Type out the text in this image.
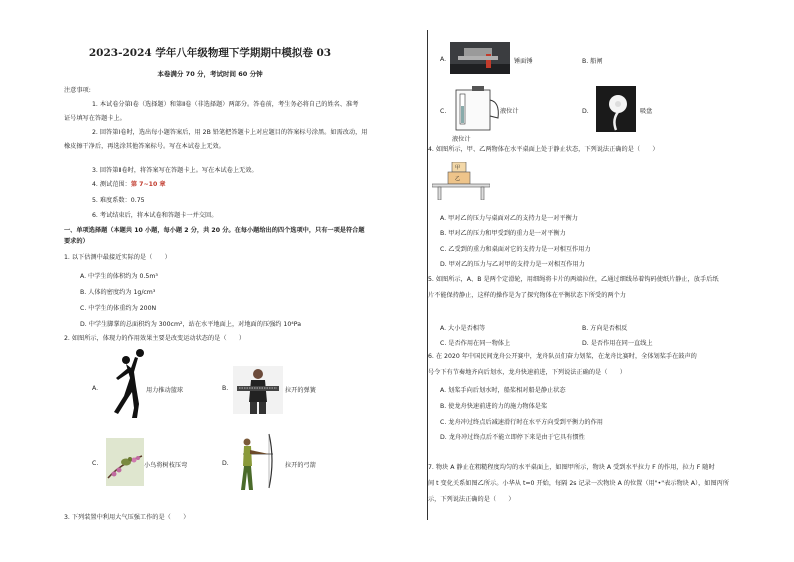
2023-2024 学年八年级物理下学期期中模拟卷 03
本卷满分 70 分，考试时间 60 分钟
注意事项:
1. 本试卷分第Ⅰ卷（选择题）和第Ⅱ卷（非选择题）两部分。答卷前，考生务必将自己的姓名、准考
证号填写在答题卡上。
2. 回答第Ⅰ卷时，选出每小题答案后，用 2B 铅笔把答题卡上对应题目的答案标号涂黑。如需改动，用
橡皮擦干净后，再选涂其他答案标号。写在本试卷上无效。
3. 回答第Ⅱ卷时，将答案写在答题卡上。写在本试卷上无效。
4. 测试范围：第 7~10 章
5. 难度系数：0.75
6. 考试结束后，将本试卷和答题卡一并交回。
一、单项选择题（本题共 10 小题，每小题 2 分，共 20 分。在每小题给出的四个选项中，只有一项是符合题
要求的）
1. 以下估测中最接近实际的是（　　）
A. 中学生的体积约为 0.5m³
B. 人体的密度约为 1g/cm³
C. 中学生的体重约为 200N
D. 中学生脚掌的总面积约为 300cm²，站在水平地面上，对地面的压强约 10⁴Pa
2. 如图所示，体现力的作用效果主要是改变运动状态的是（　　）
A.	用力推动篮球	B.	拉开的弹簧
C.	小鸟将树枝压弯	D.	拉开的弓箭
3. 下列装置中利用大气压强工作的是（　　）
A.	锤面锤	B. 船闸
C.	液位计
液位计
D.	吸盘
4. 如图所示，甲、乙两物体在水平桌面上处于静止状态，下列说法正确的是（　　）
甲
乙
A. 甲对乙的压力与桌面对乙的支持力是一对平衡力
B. 甲对乙的压力和甲受到的重力是一对平衡力
C. 乙受到的重力和桌面对它的支持力是一对相互作用力
D. 甲对乙的压力与乙对甲的支持力是一对相互作用力
5. 如图所示，A、B 是两个定滑轮，用细绳将卡片的两端拉住，乙通过细线吊着钩码使纸片静止，放手后纸
片不能保持静止，这样的操作是为了探究物体在平衡状态下所受的两个力
A. 大小是否相等	B. 方向是否相反
C. 是否作用在同一物体上	D. 是否作用在同一直线上
6. 在 2020 年中国民间龙舟公开赛中，龙舟队员们奋力划桨，在龙舟比赛时，全体划桨手在鼓声的
号令下有节奏地齐向后划水，龙舟快速前进，下列说法正确的是（　　）
A. 划桨手向后划水时，船桨相对船是静止状态
B. 使龙舟快速前进的力的施力物体是桨
C. 龙舟冲过终点后减速滑行时在水平方向受到平衡力的作用
D. 龙舟冲过终点后不能立即停下来是由于它具有惯性
7. 物块 A 静止在粗糙程度均匀的水平桌面上，如图甲所示，物块 A 受到水平拉力 F 的作用，拉力 F 随时
间 t 变化关系如图乙所示。小华从 t=0 开始，每隔 2s 记录一次物块 A 的位置（用"•"表示物块 A），如图丙所
示，下列说法正确的是（　　）
